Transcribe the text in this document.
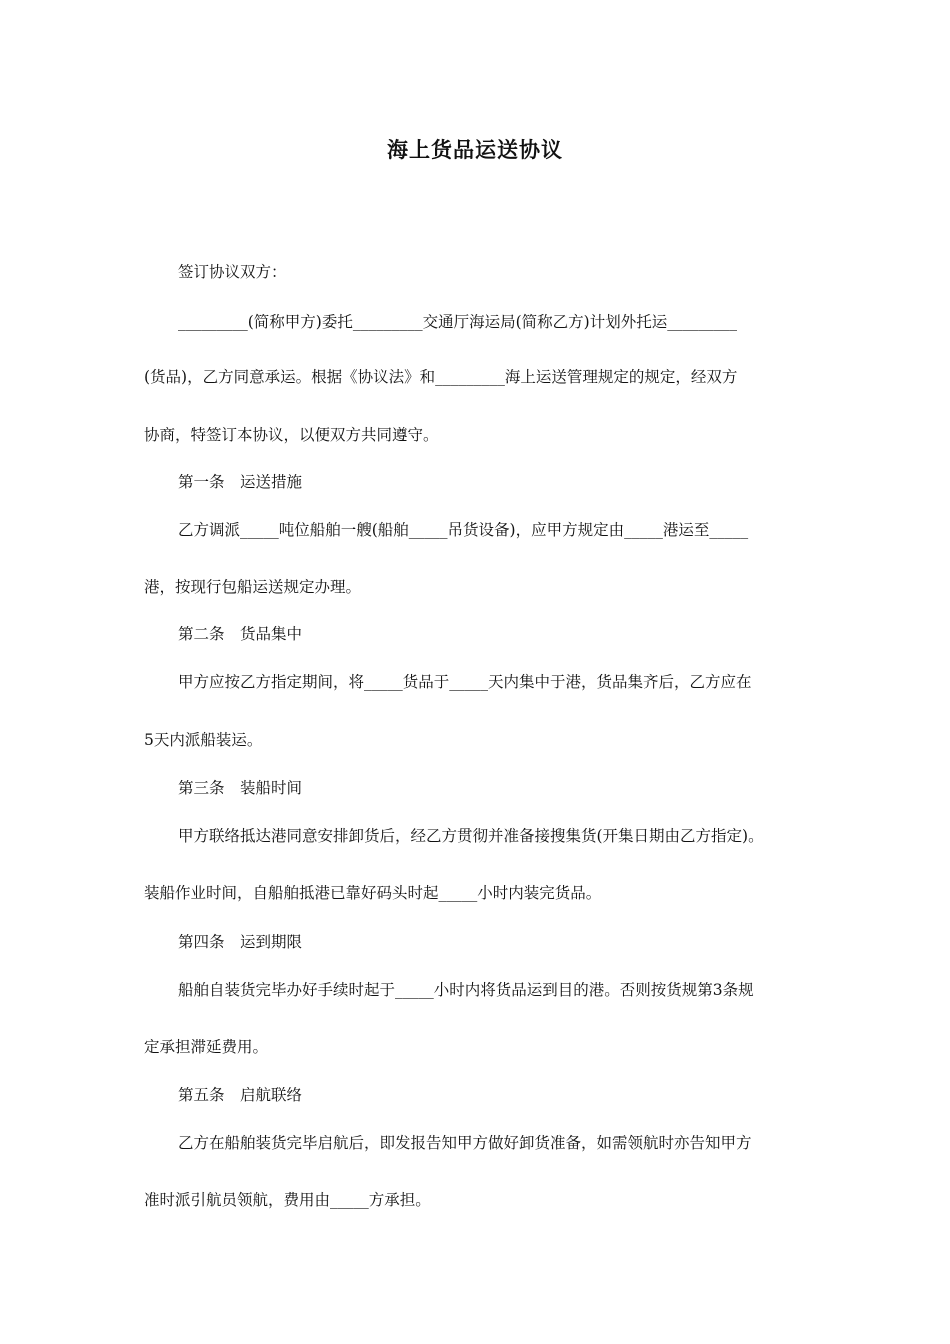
海上货品运送协议
签订协议双方：
_________(简称甲方)委托_________交通厅海运局(简称乙方)计划外托运_________
(货品)，乙方同意承运。根据《协议法》和_________海上运送管理规定的规定，经双方
协商，特签订本协议，以便双方共同遵守。
第一条　运送措施
乙方调派_____吨位船舶一艘(船舶_____吊货设备)，应甲方规定由_____港运至_____
港，按现行包船运送规定办理。
第二条　货品集中
甲方应按乙方指定期间，将_____货品于_____天内集中于港，货品集齐后，乙方应在
5天内派船装运。
第三条　装船时间
甲方联络抵达港同意安排卸货后，经乙方贯彻并准备接搜集货(开集日期由乙方指定)。
装船作业时间，自船舶抵港已靠好码头时起_____小时内装完货品。
第四条　运到期限
船舶自装货完毕办好手续时起于_____小时内将货品运到目的港。否则按货规第3条规
定承担滞延费用。
第五条　启航联络
乙方在船舶装货完毕启航后，即发报告知甲方做好卸货准备，如需领航时亦告知甲方
准时派引航员领航，费用由_____方承担。
